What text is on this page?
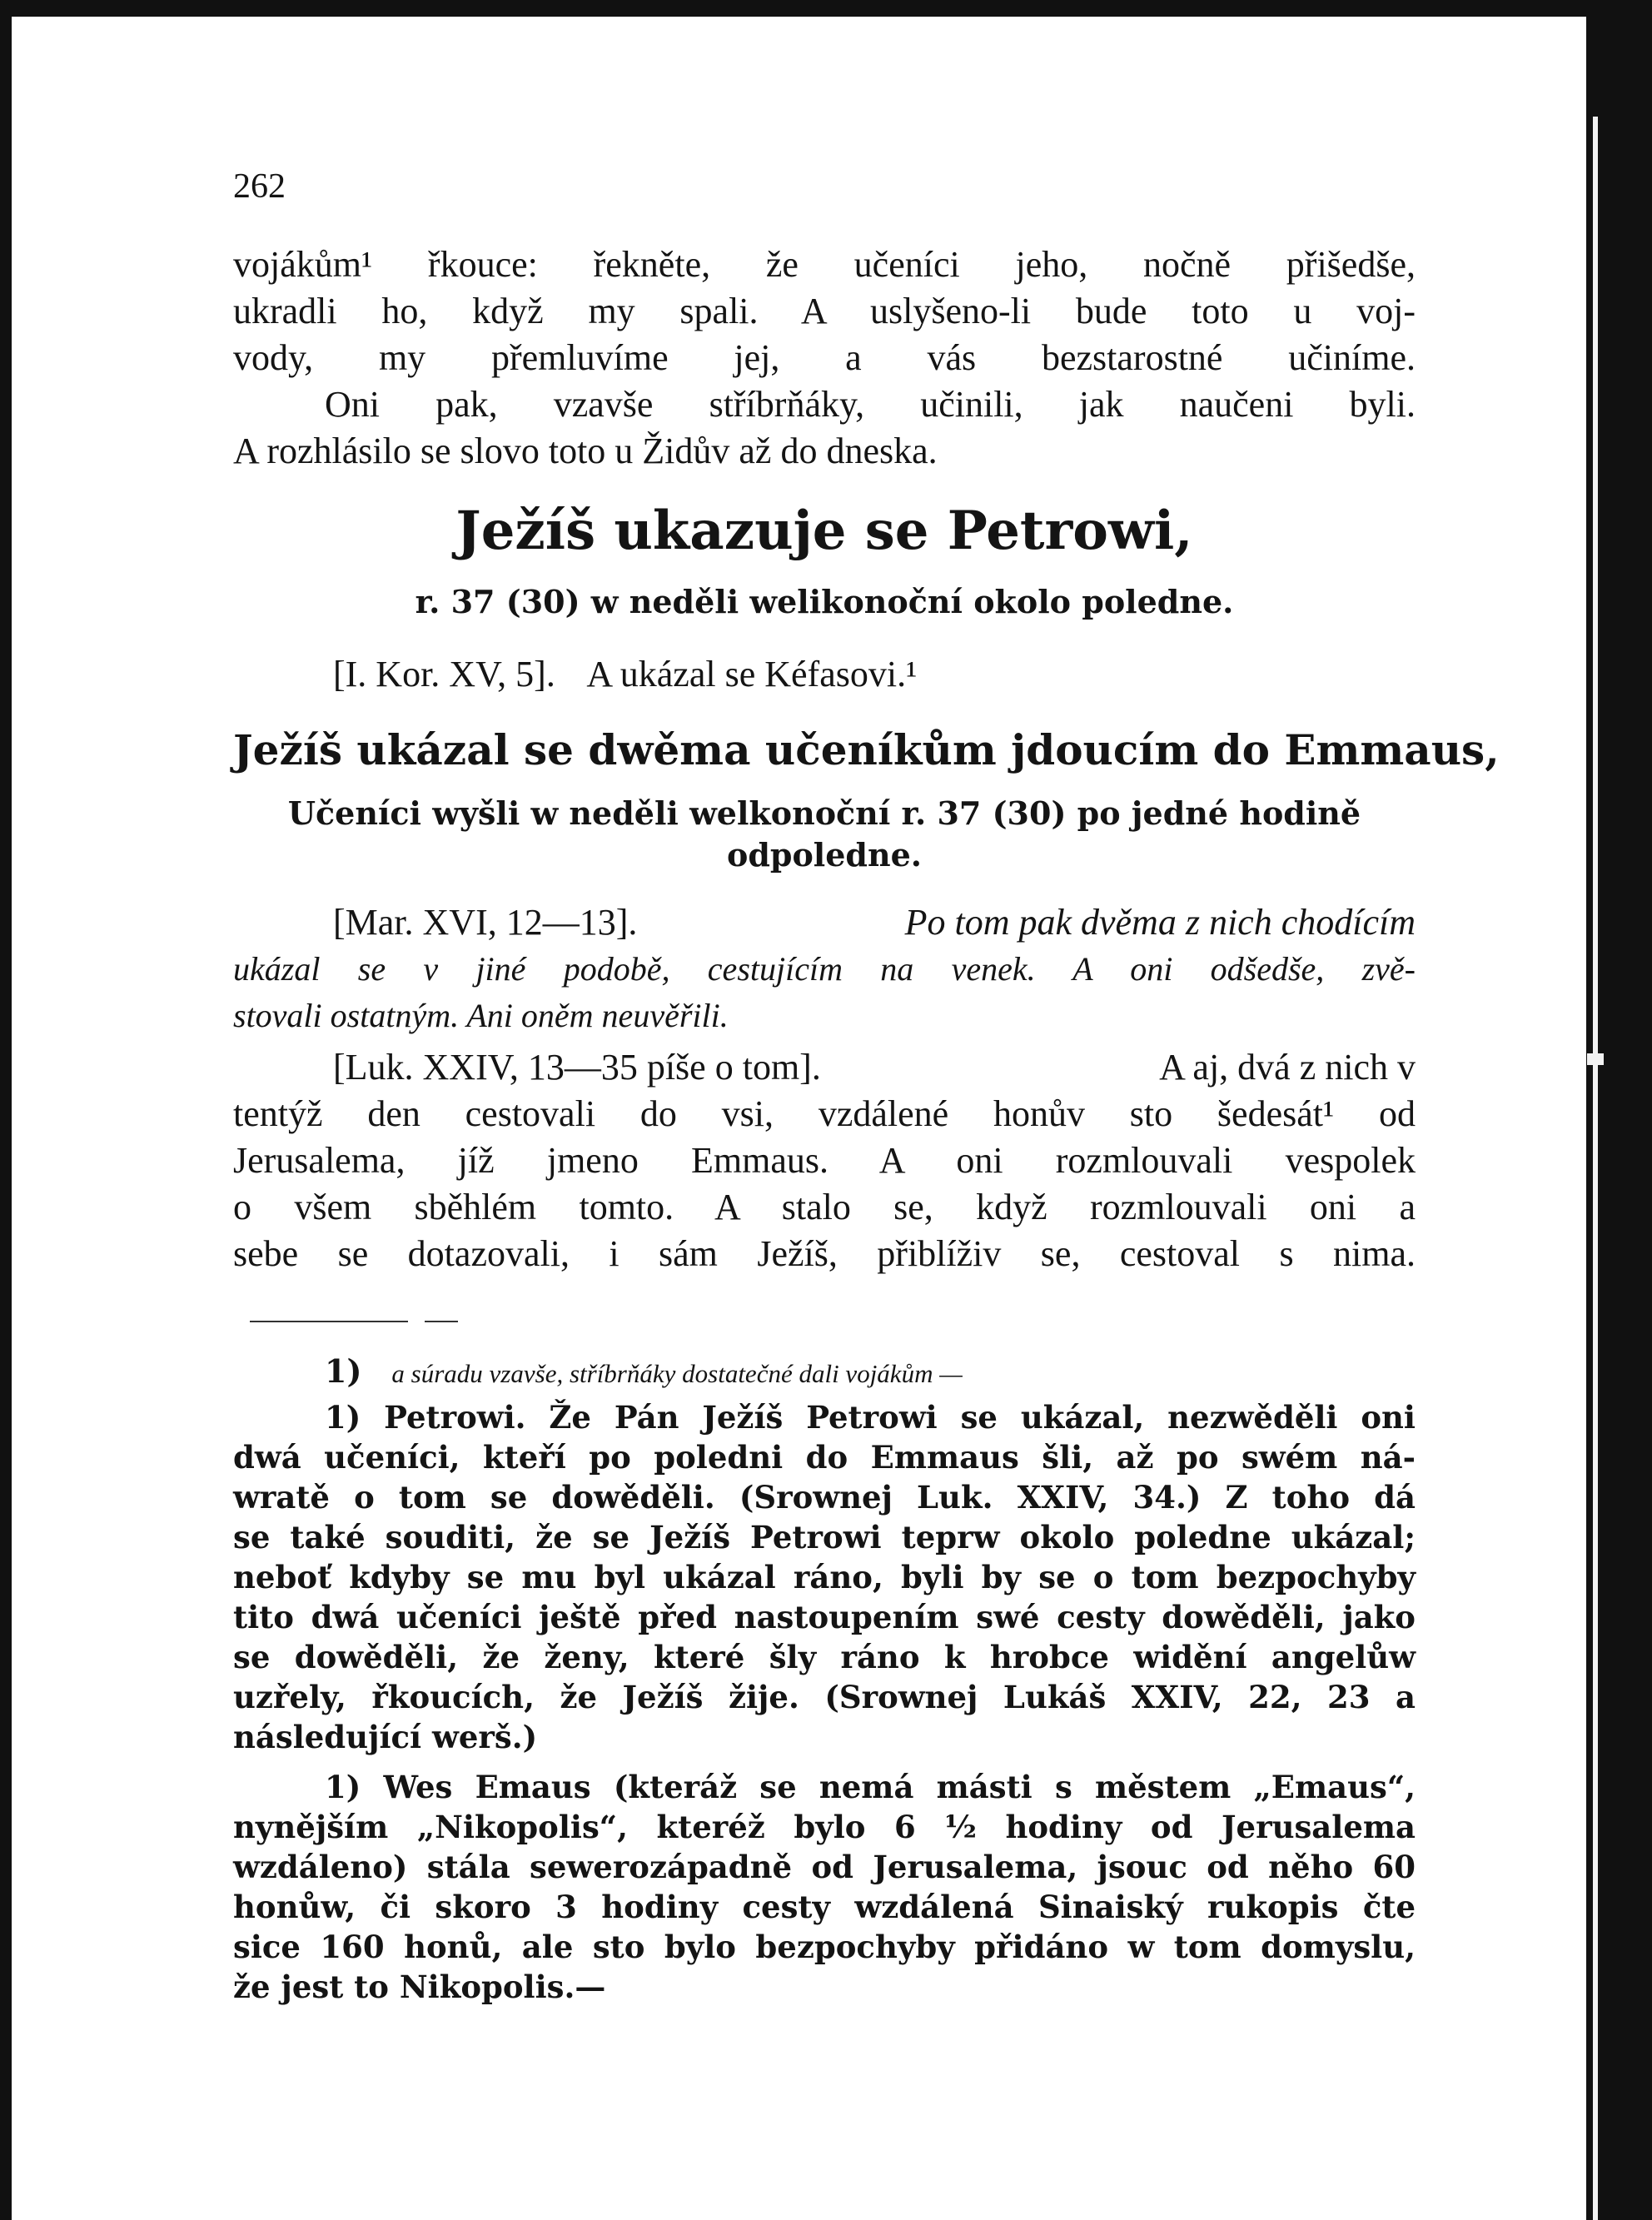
262
vojákům¹ řkouce: řekněte, že učeníci jeho, nočně přišedše,
ukradli ho, když my spali. A uslyšeno-li bude toto u voj-
vody, my přemluvíme jej, a vás bezstarostné učiníme.
Oni pak, vzavše stříbrňáky, učinili, jak naučeni byli.
A rozhlásilo se slovo toto u Židův až do dneska.
Ježíš ukazuje se Petrowi,
r. 37 (30) w neděli welikonoční okolo poledne.
[I. Kor. XV, 5]. A ukázal se Kéfasovi.¹
Ježíš ukázal se dwěma učeníkům jdoucím do Emmaus,
Učeníci wyšli w neděli welkonoční r. 37 (30) po jedné hodině
odpoledne.
[Mar. XVI, 12—13].	Po tom pak dvěma z nich chodícím
ukázal se v jiné podobě, cestujícím na venek. A oni odšedše, zvě-
stovali ostatným. Ani oněm neuvěřili.
[Luk. XXIV, 13—35 píše o tom].	A aj, dvá z nich v
tentýž den cestovali do vsi, vzdálené honův sto šedesát¹ od
Jerusalema, jíž jmeno Emmaus. A oni rozmlouvali vespolek
o všem sběhlém tomto. A stalo se, když rozmlouvali oni a
sebe se dotazovali, i sám Ježíš, přiblíživ se, cestoval s nima.
1) a súradu vzavše, stříbrňáky dostatečné dali vojákům —
1) Petrowi. Že Pán Ježíš Petrowi se ukázal, nezwěděli oni
dwá učeníci, kteří po poledni do Emmaus šli, až po swém ná-
wratě o tom se dowěděli. (Srownej Luk. XXIV, 34.) Z toho dá
se také souditi, že se Ježíš Petrowi teprw okolo poledne ukázal;
neboť kdyby se mu byl ukázal ráno, byli by se o tom bezpochyby
tito dwá učeníci ještě před nastoupením swé cesty dowěděli, jako
se dowěděli, že ženy, které šly ráno k hrobce widění angelůw
uzřely, řkoucích, že Ježíš žije. (Srownej Lukáš XXIV, 22, 23 a
následující werš.)
1) Wes Emaus (kteráž se nemá másti s městem „Emaus“,
nynějším „Nikopolis“, kteréž bylo 6 ½ hodiny od Jerusalema
wzdáleno) stála sewerozápadně od Jerusalema, jsouc od něho 60
honůw, či skoro 3 hodiny cesty wzdálená Sinaiský rukopis čte
sice 160 honů, ale sto bylo bezpochyby přidáno w tom domyslu,
že jest to Nikopolis.—
